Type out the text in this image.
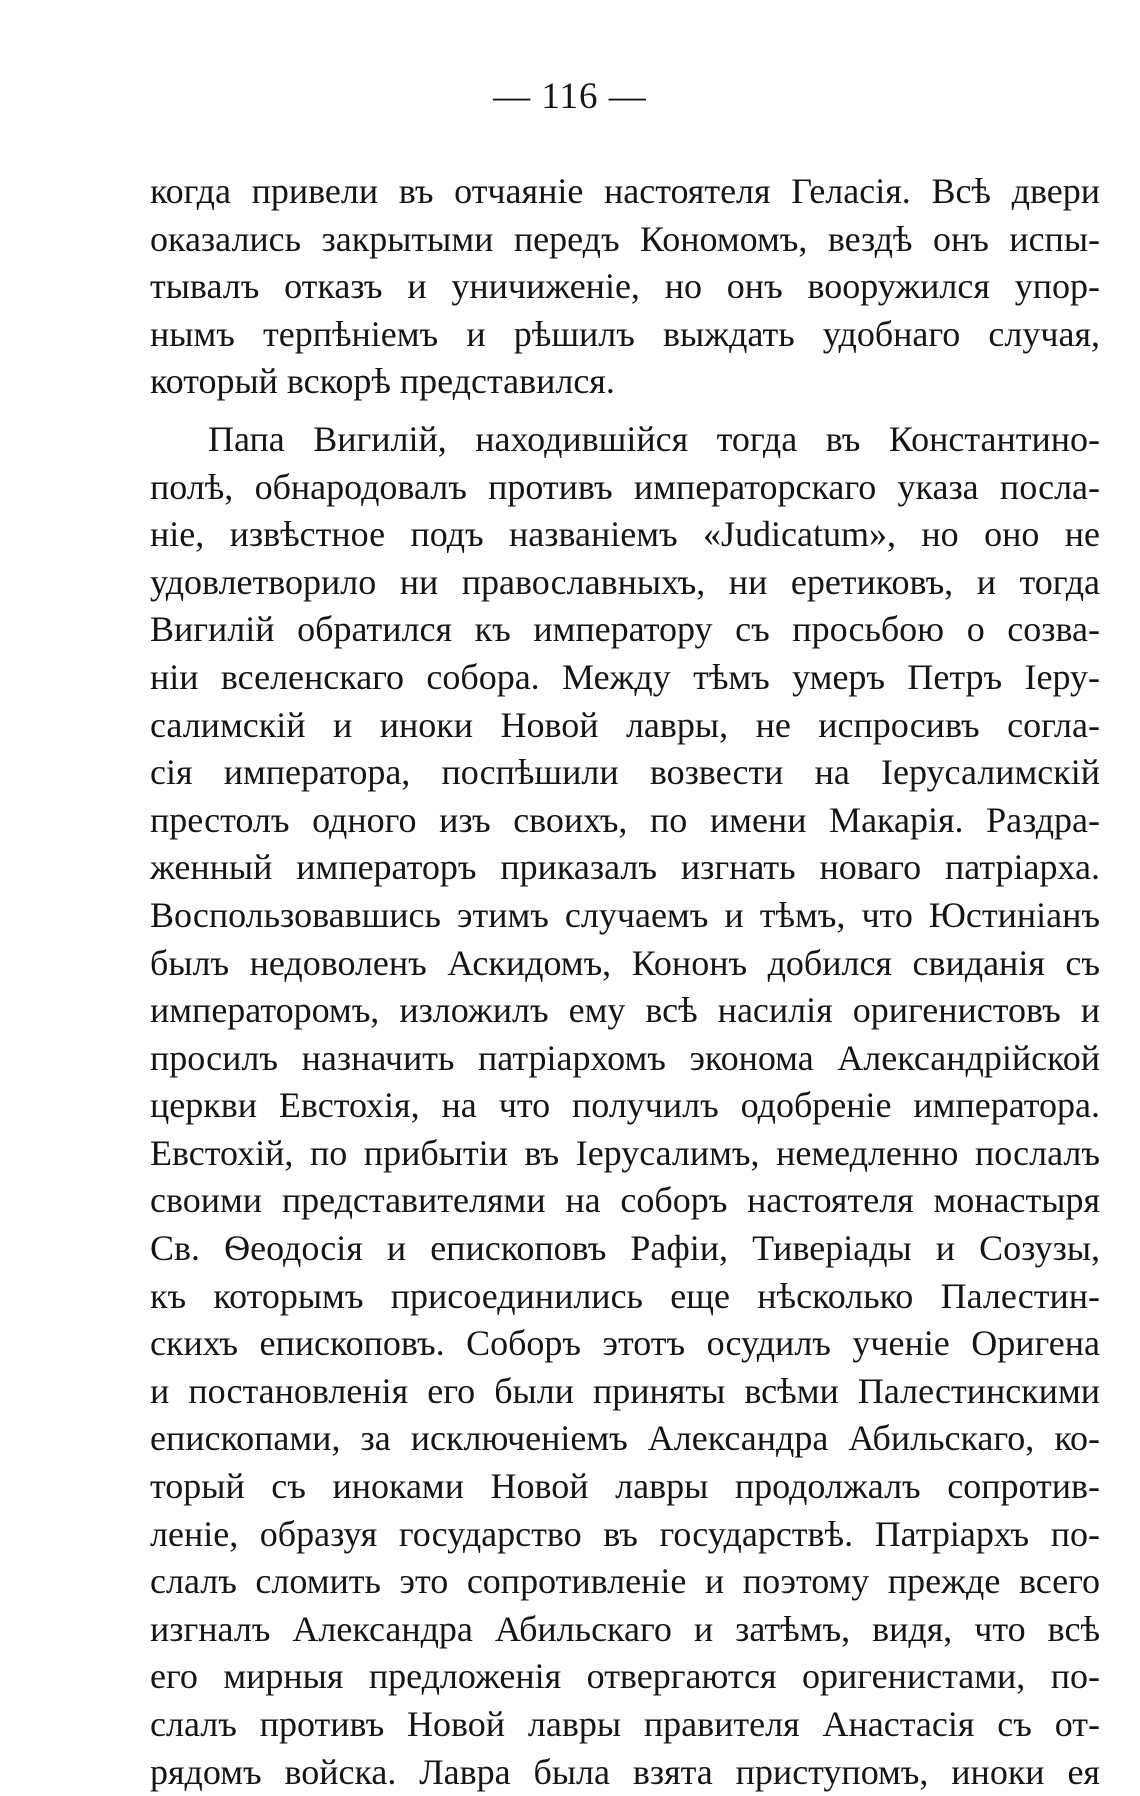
— 116 —
когда привели въ отчаяніе настоятеля Геласія. Всѣ двери
оказались закрытыми передъ Кономомъ, вездѣ онъ испы-
тывалъ отказъ и уничиженіе, но онъ вооружился упор-
нымъ терпѣніемъ и рѣшилъ выждать удобнаго случая,
который вскорѣ представился.
Папа Вигилій, находившійся тогда въ Константино-
полѣ, обнародовалъ противъ императорскаго указа посла-
ніе, извѣстное подъ названіемъ «Judicatum», но оно не
удовлетворило ни православныхъ, ни еретиковъ, и тогда
Вигилій обратился къ императору съ просьбою о созва-
ніи вселенскаго собора. Между тѣмъ умеръ Петръ Іеру-
салимскій и иноки Новой лавры, не испросивъ согла-
сія императора, поспѣшили возвести на Іерусалимскій
престолъ одного изъ своихъ, по имени Макарія. Раздра-
женный императоръ приказалъ изгнать новаго патріарха.
Воспользовавшись этимъ случаемъ и тѣмъ, что Юстиніанъ
былъ недоволенъ Аскидомъ, Кононъ добился свиданія съ
императоромъ, изложилъ ему всѣ насилія оригенистовъ и
просилъ назначить патріархомъ эконома Александрійской
церкви Евстохія, на что получилъ одобреніе императора.
Евстохій, по прибытіи въ Іерусалимъ, немедленно послалъ
своими представителями на соборъ настоятеля монастыря
Св. Ѳеодосія и епископовъ Рафіи, Тиверіады и Созузы,
къ которымъ присоединились еще нѣсколько Палестин-
скихъ епископовъ. Соборъ этотъ осудилъ ученіе Оригена
и постановленія его были приняты всѣми Палестинскими
епископами, за исключеніемъ Александра Абильскаго, ко-
торый съ иноками Новой лавры продолжалъ сопротив-
леніе, образуя государство въ государствѣ. Патріархъ по-
слалъ сломить это сопротивленіе и поэтому прежде всего
изгналъ Александра Абильскаго и затѣмъ, видя, что всѣ
его мирныя предложенія отвергаются оригенистами, по-
слалъ противъ Новой лавры правителя Анастасія съ от-
рядомъ войска. Лавра была взята приступомъ, иноки ея
